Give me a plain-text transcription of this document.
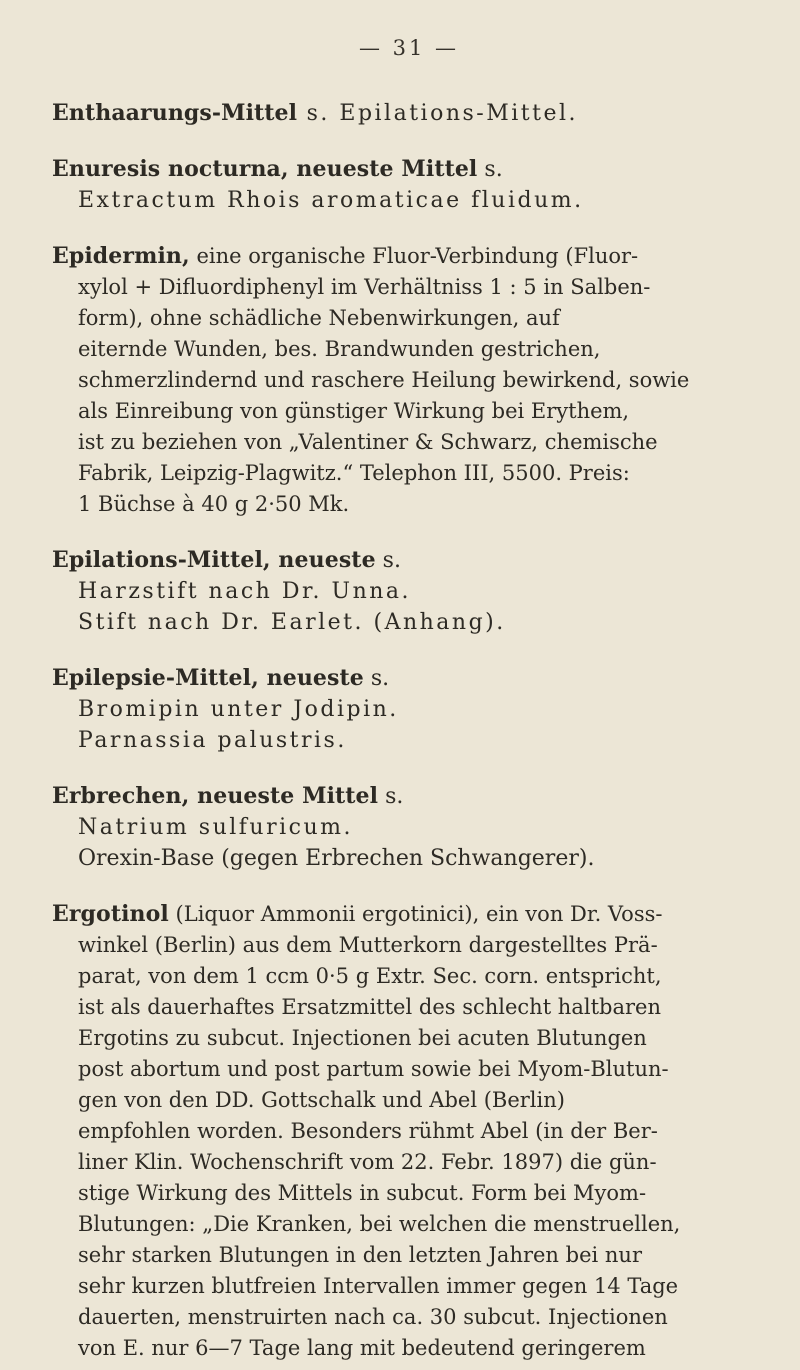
— 31 —
Enthaarungs-Mittel s. Epilations-Mittel.
Enuresis nocturna, neueste Mittel s.
Extractum Rhois aromaticae fluidum.
Epidermin, eine organische Fluor-Verbindung (Fluor-
xylol + Difluordiphenyl im Verhältniss 1 : 5 in Salben-
form), ohne schädliche Nebenwirkungen, auf
eiternde Wunden, bes. Brandwunden gestrichen,
schmerzlindernd und raschere Heilung bewirkend, sowie
als Einreibung von günstiger Wirkung bei Erythem,
ist zu beziehen von „Valentiner & Schwarz, chemische
Fabrik, Leipzig-Plagwitz.“ Telephon III, 5500. Preis:
1 Büchse à 40 g 2·50 Mk.
Epilations-Mittel, neueste s.
Harzstift nach Dr. Unna.
Stift nach Dr. Earlet. (Anhang).
Epilepsie-Mittel, neueste s.
Bromipin unter Jodipin.
Parnassia palustris.
Erbrechen, neueste Mittel s.
Natrium sulfuricum.
Orexin-Base (gegen Erbrechen Schwangerer).
Ergotinol (Liquor Ammonii ergotinici), ein von Dr. Voss-
winkel (Berlin) aus dem Mutterkorn dargestelltes Prä-
parat, von dem 1 ccm 0·5 g Extr. Sec. corn. entspricht,
ist als dauerhaftes Ersatzmittel des schlecht haltbaren
Ergotins zu subcut. Injectionen bei acuten Blutungen
post abortum und post partum sowie bei Myom-Blutun-
gen von den DD. Gottschalk und Abel (Berlin)
empfohlen worden. Besonders rühmt Abel (in der Ber-
liner Klin. Wochenschrift vom 22. Febr. 1897) die gün-
stige Wirkung des Mittels in subcut. Form bei Myom-
Blutungen: „Die Kranken, bei welchen die menstruellen,
sehr starken Blutungen in den letzten Jahren bei nur
sehr kurzen blutfreien Intervallen immer gegen 14 Tage
dauerten, menstruirten nach ca. 30 subcut. Injectionen
von E. nur 6—7 Tage lang mit bedeutend geringerem
